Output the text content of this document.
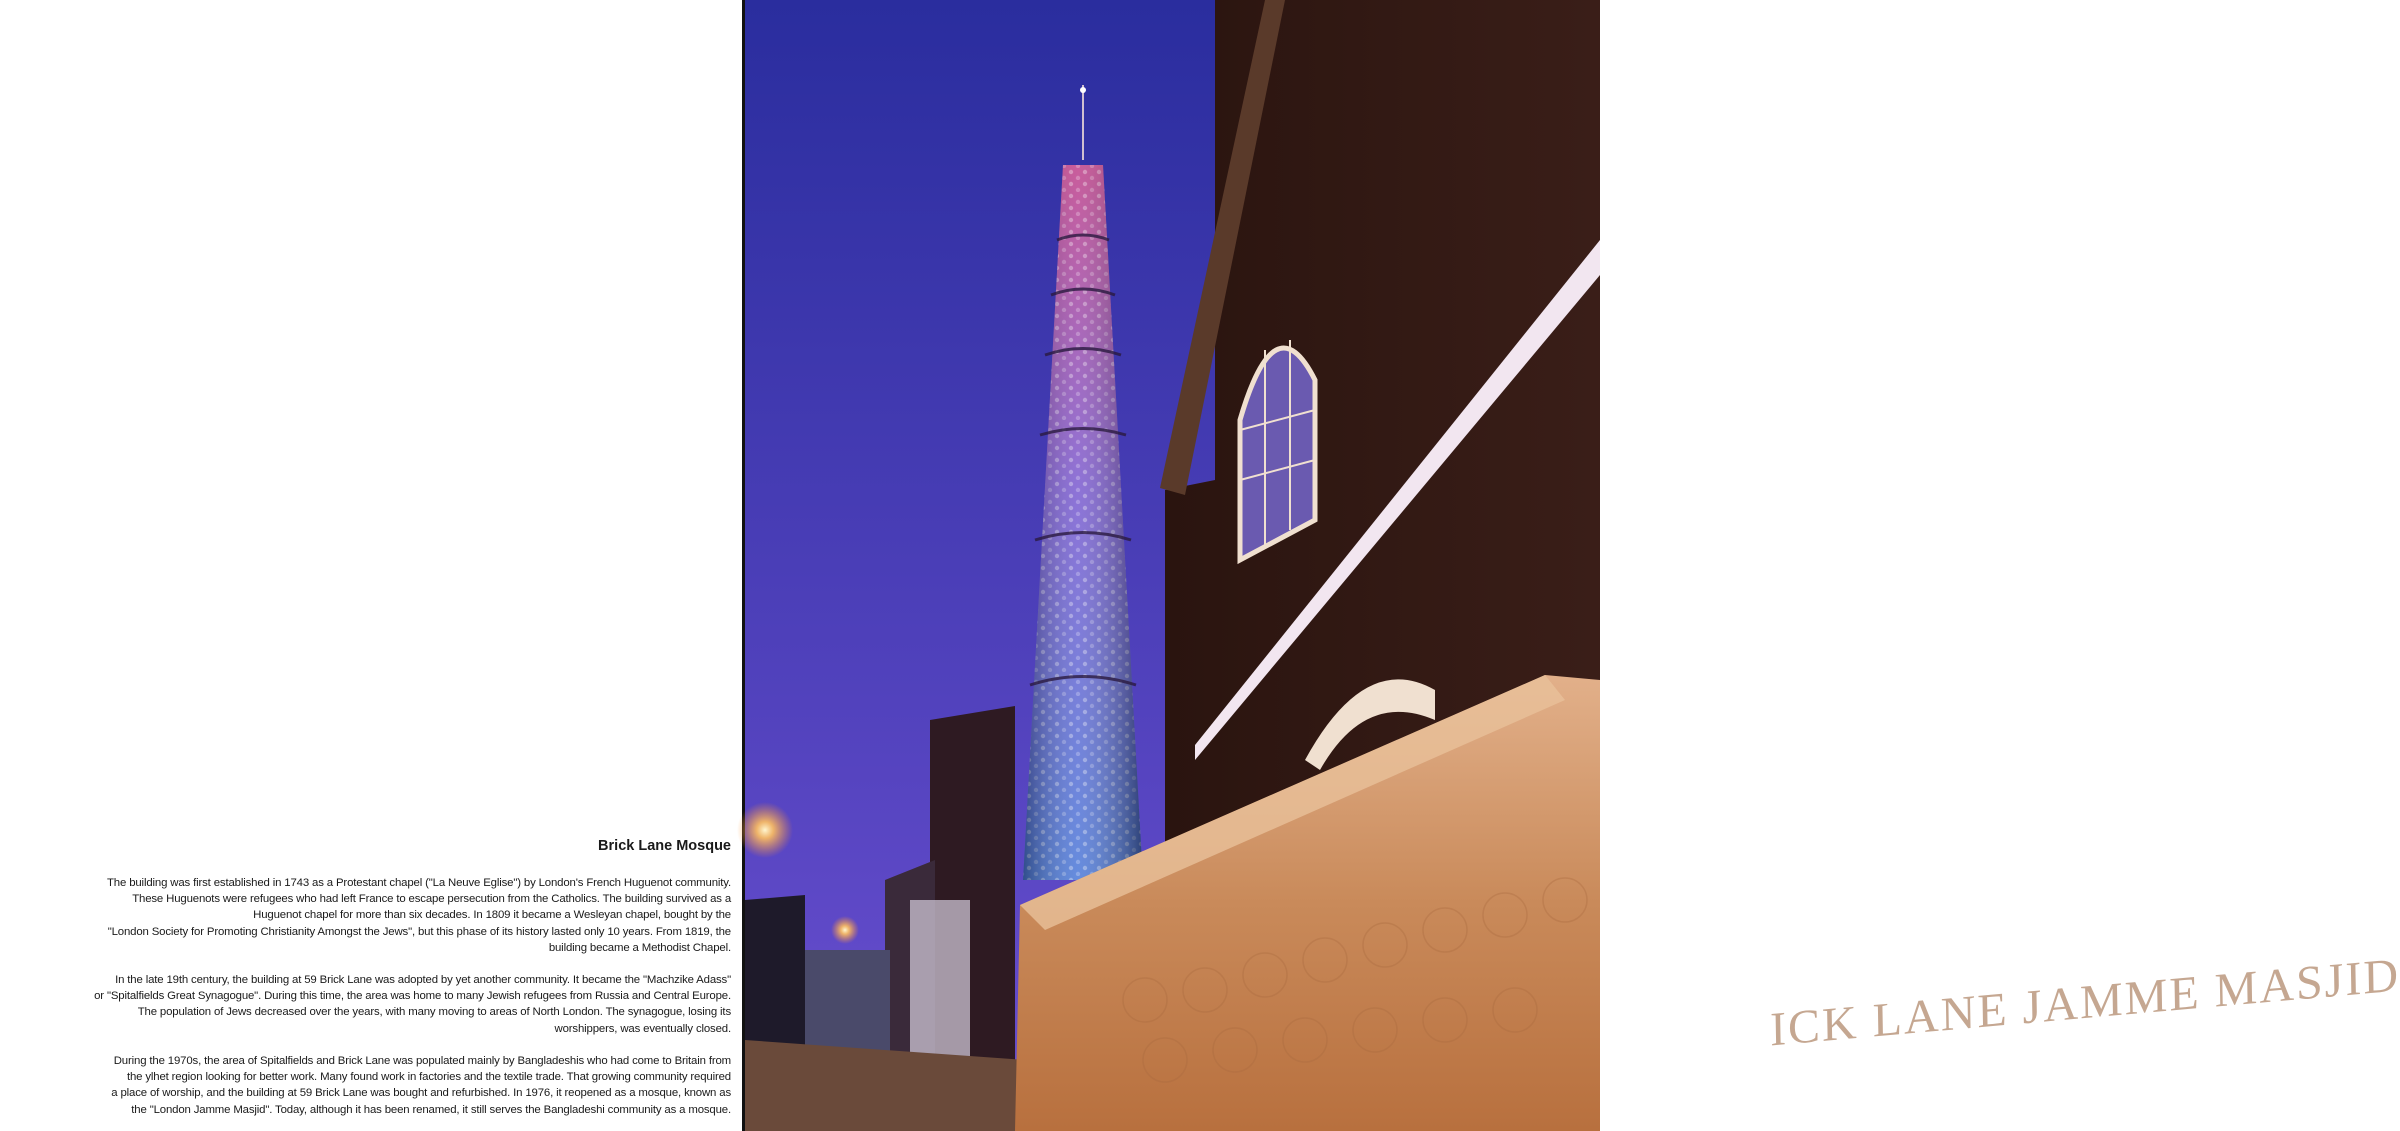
Brick Lane Mosque
The building was first established in 1743 as a Protestant chapel ("La Neuve Eglise") by London's French Huguenot community.
These Huguenots were refugees who had left France to escape persecution from the Catholics. The building survived as a
Huguenot chapel for more than six decades. In 1809 it became a Wesleyan chapel, bought by the
"London Society for Promoting Christianity Amongst the Jews", but this phase of its history lasted only 10 years. From 1819, the
building became a Methodist Chapel.
In the late 19th century, the building at 59 Brick Lane was adopted by yet another community. It became the "Machzike Adass"
or "Spitalfields Great Synagogue". During this time, the area was home to many Jewish refugees from Russia and Central Europe.
The population of Jews decreased over the years, with many moving to areas of North London. The synagogue, losing its
worshippers, was eventually closed.
During the 1970s, the area of Spitalfields and Brick Lane was populated mainly by Bangladeshis who had come to Britain from
the ylhet region looking for better work. Many found work in factories and the textile trade. That growing community required
a place of worship, and the building at 59 Brick Lane was bought and refurbished. In 1976, it reopened as a mosque, known as
the "London Jamme Masjid". Today, although it has been renamed, it still serves the Bangladeshi community as a mosque.
ICK LANE JAMME MASJID
